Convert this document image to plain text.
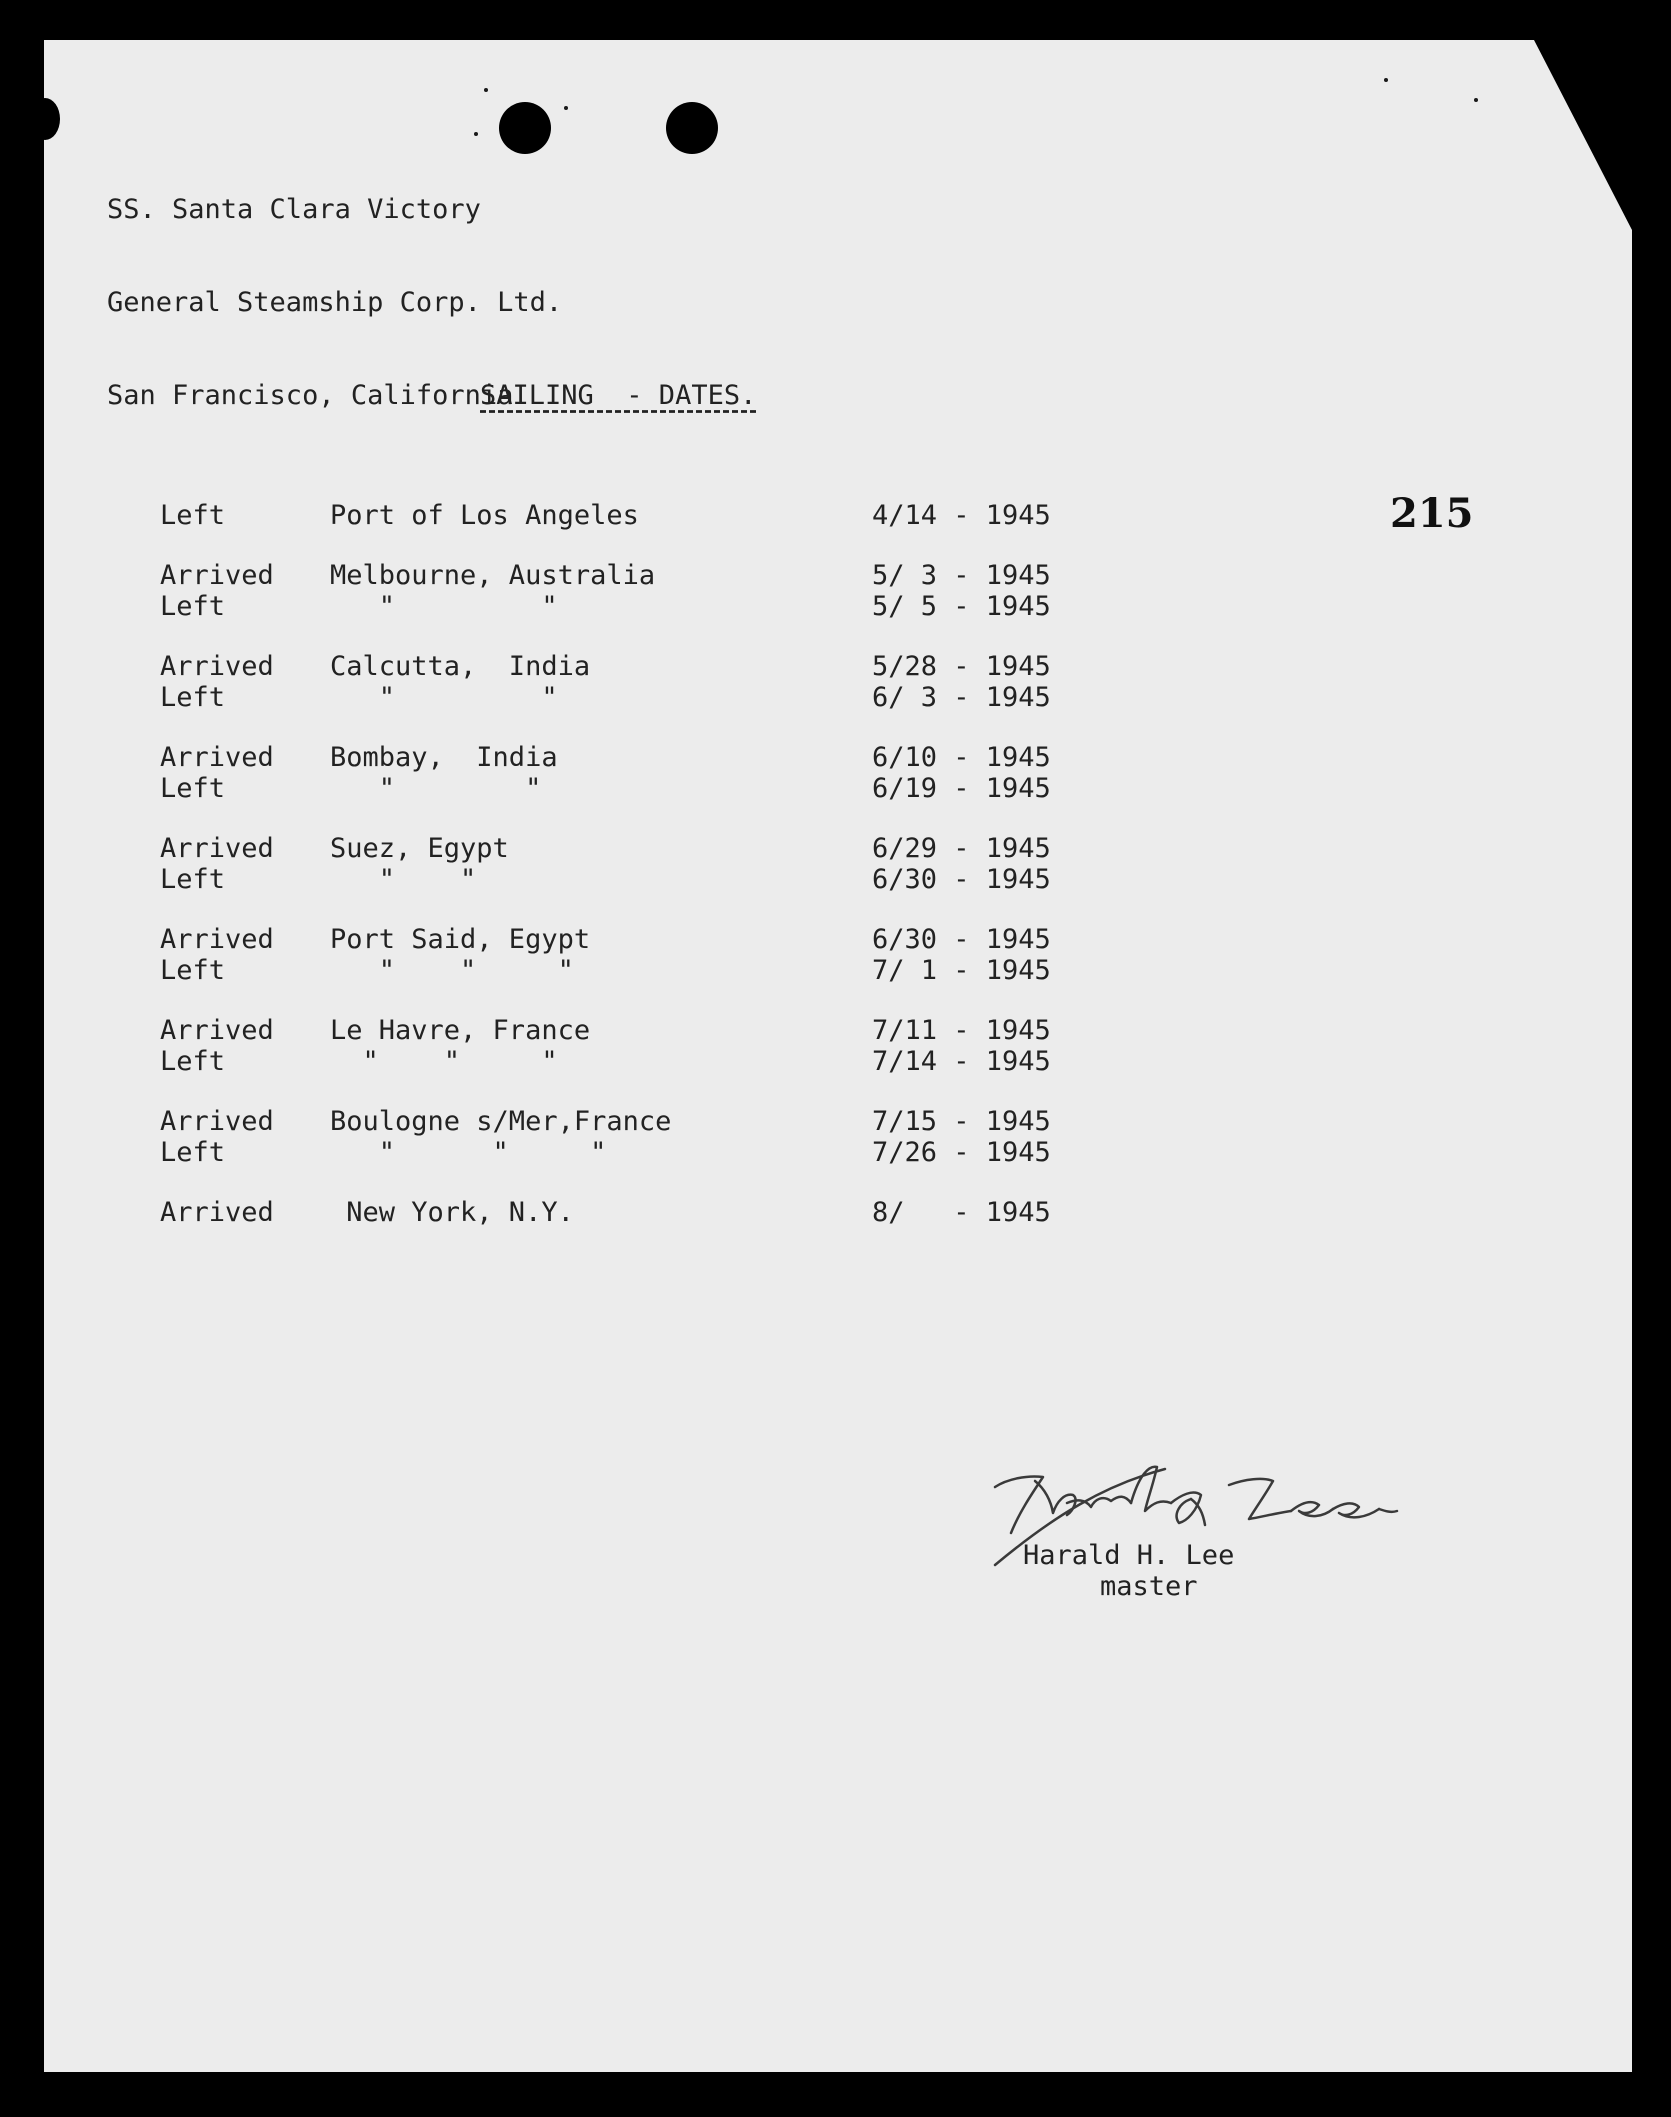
SS. Santa Clara Victory

General Steamship Corp. Ltd.

San Francisco, California

SAILING  - DATES.
215
Left	Port of Los Angeles	4/14 - 1945
Arrived Melbourne, Australia	5/ 3 - 1945
Left	"         "	5/ 5 - 1945
Arrived Calcutta,  India	5/28 - 1945
Left	"         "	6/ 3 - 1945
Arrived Bombay,  India	6/10 - 1945
Left	"        "	6/19 - 1945
Arrived Suez, Egypt	6/29 - 1945
Left	"    "	6/30 - 1945
Arrived Port Said, Egypt	6/30 - 1945
Left	"    "     "	7/ 1 - 1945
Arrived Le Havre, France	7/11 - 1945
Left	"    "     "	7/14 - 1945
Arrived Boulogne s/Mer,France	7/15 - 1945
Left	"      "     "	7/26 - 1945
Arrived New York, N.Y.	8/   - 1945
Harald H. Lee
master
